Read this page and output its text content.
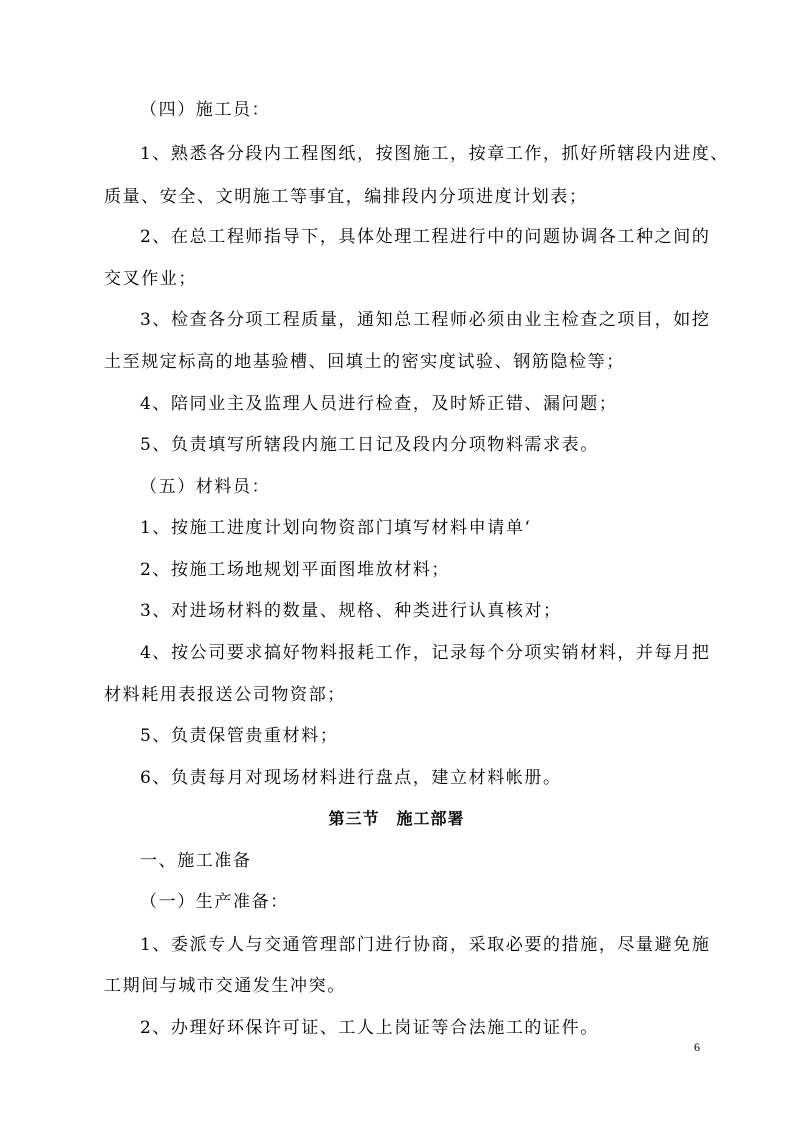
（四）施工员：
1、熟悉各分段内工程图纸，按图施工，按章工作，抓好所辖段内进度、
质量、安全、文明施工等事宜，编排段内分项进度计划表；
2、在总工程师指导下，具体处理工程进行中的问题协调各工种之间的
交叉作业；
3、检查各分项工程质量，通知总工程师必须由业主检查之项目，如挖
土至规定标高的地基验槽、回填土的密实度试验、钢筋隐检等；
4、陪同业主及监理人员进行检查，及时矫正错、漏问题；
5、负责填写所辖段内施工日记及段内分项物料需求表。
（五）材料员：
1、按施工进度计划向物资部门填写材料申请单‘
2、按施工场地规划平面图堆放材料；
3、对进场材料的数量、规格、种类进行认真核对；
4、按公司要求搞好物料报耗工作，记录每个分项实销材料，并每月把
材料耗用表报送公司物资部；
5、负责保管贵重材料；
6、负责每月对现场材料进行盘点，建立材料帐册。
第三节　施工部署
一、施工准备
（一）生产准备：
1、委派专人与交通管理部门进行协商，采取必要的措施，尽量避免施
工期间与城市交通发生冲突。
2、办理好环保许可证、工人上岗证等合法施工的证件。
6
